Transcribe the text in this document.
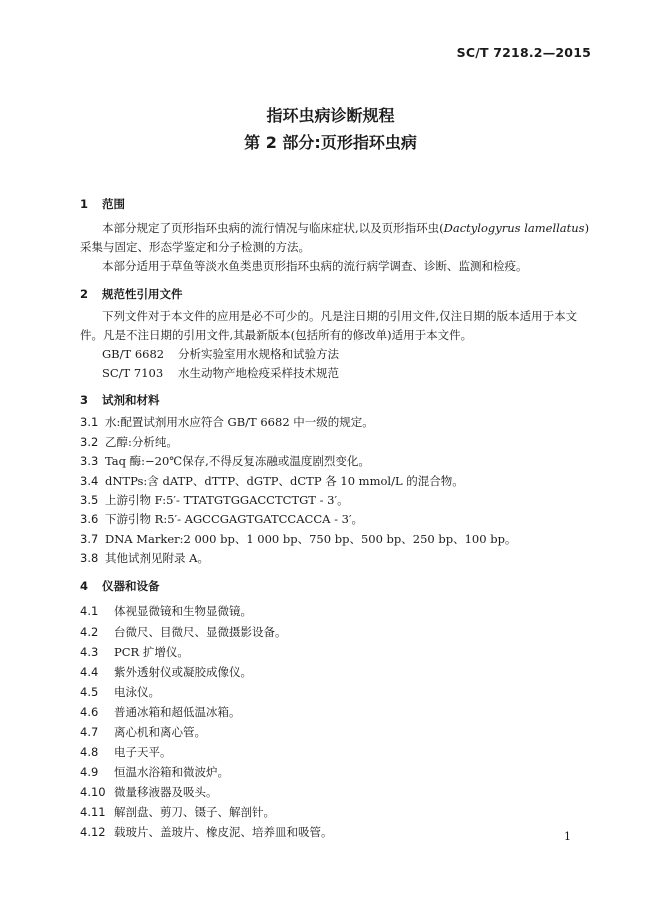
SC/T 7218.2—2015
指环虫病诊断规程
第 2 部分:页形指环虫病
1 范围
本部分规定了页形指环虫病的流行情况与临床症状,以及页形指环虫(Dactylogyrus lamellatus)
采集与固定、形态学鉴定和分子检测的方法。
本部分适用于草鱼等淡水鱼类患页形指环虫病的流行病学调查、诊断、监测和检疫。
2 规范性引用文件
下列文件对于本文件的应用是必不可少的。凡是注日期的引用文件,仅注日期的版本适用于本文
件。凡是不注日期的引用文件,其最新版本(包括所有的修改单)适用于本文件。
GB/T 6682 分析实验室用水规格和试验方法
SC/T 7103 水生动物产地检疫采样技术规范
3 试剂和材料
3.1 水:配置试剂用水应符合 GB/T 6682 中一级的规定。
3.2 乙醇:分析纯。
3.3 Taq 酶:−20℃保存,不得反复冻融或温度剧烈变化。
3.4 dNTPs:含 dATP、dTTP、dGTP、dCTP 各 10 mmol/L 的混合物。
3.5 上游引物 F:5′- TTATGTGGACCTCTGT - 3′。
3.6 下游引物 R:5′- AGCCGAGTGATCCACCA - 3′。
3.7 DNA Marker:2 000 bp、1 000 bp、750 bp、500 bp、250 bp、100 bp。
3.8 其他试剂见附录 A。
4 仪器和设备
4.1 体视显微镜和生物显微镜。
4.2 台微尺、目微尺、显微摄影设备。
4.3 PCR 扩增仪。
4.4 紫外透射仪或凝胶成像仪。
4.5 电泳仪。
4.6 普通冰箱和超低温冰箱。
4.7 离心机和离心管。
4.8 电子天平。
4.9 恒温水浴箱和微波炉。
4.10 微量移液器及吸头。
4.11 解剖盘、剪刀、镊子、解剖针。
4.12 载玻片、盖玻片、橡皮泥、培养皿和吸管。	1
